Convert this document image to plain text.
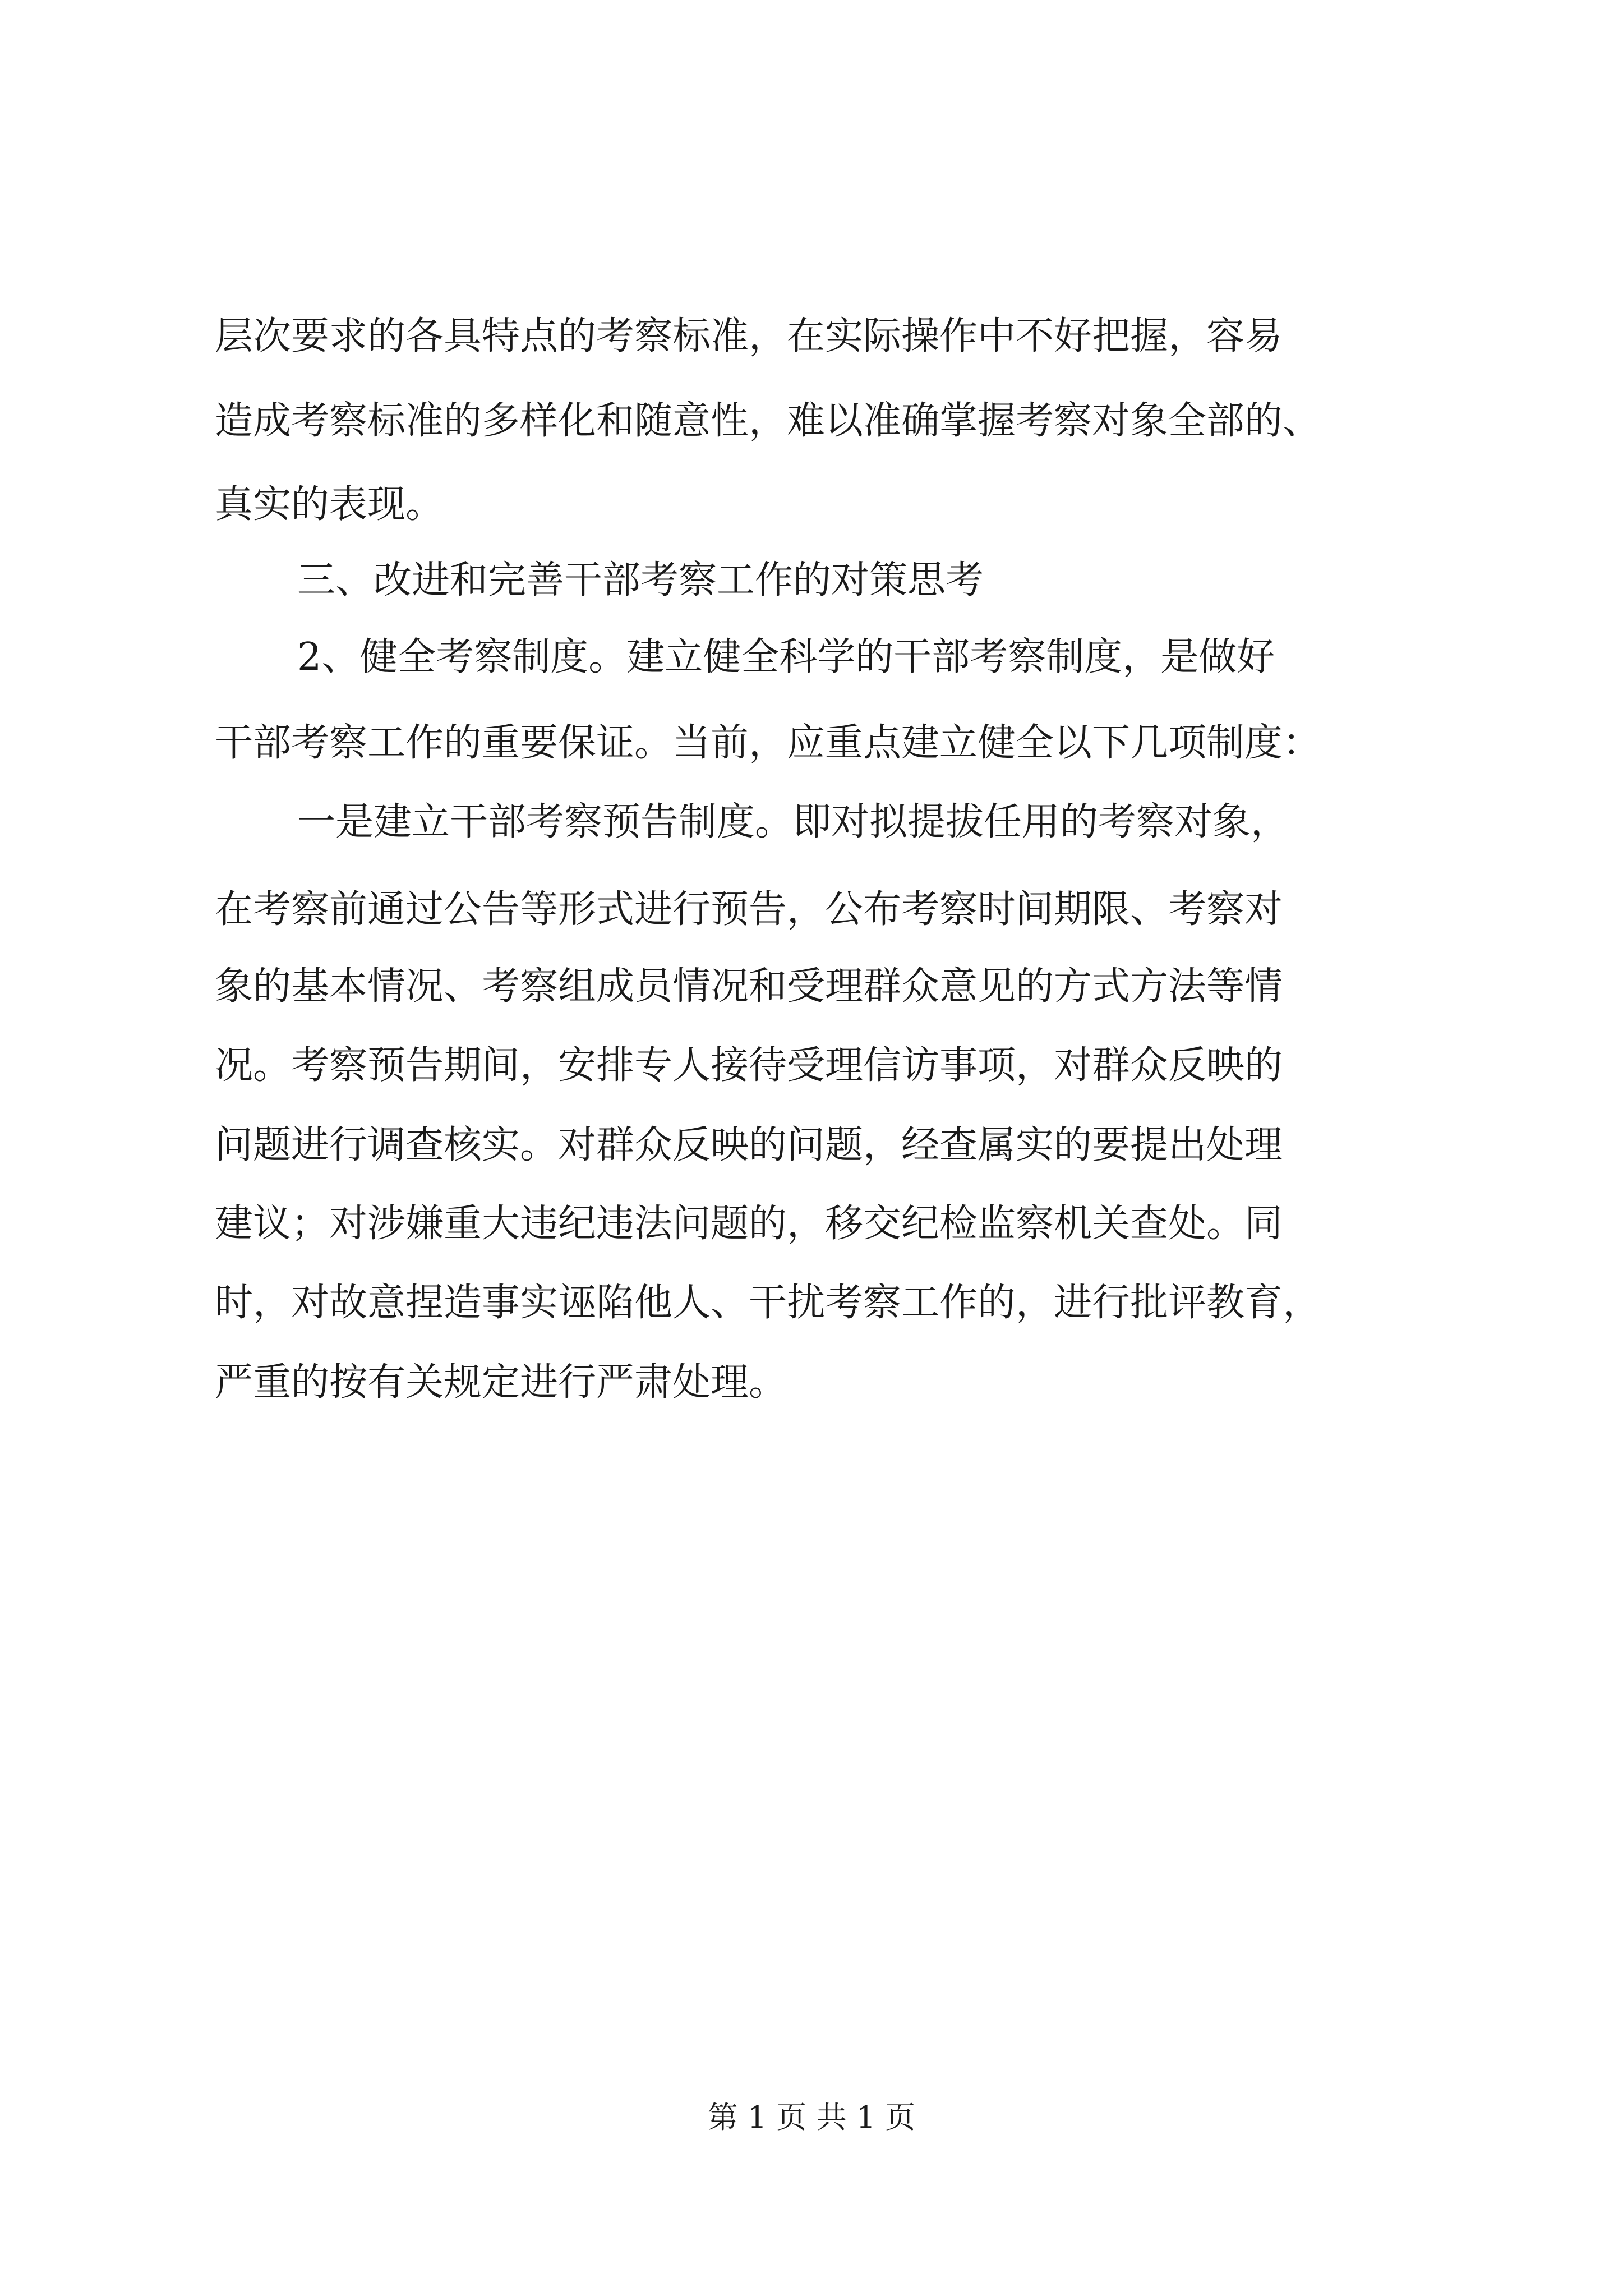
层次要求的各具特点的考察标准，在实际操作中不好把握，容易

造成考察标准的多样化和随意性，难以准确掌握考察对象全部的、

真实的表现。

三、改进和完善干部考察工作的对策思考

2、健全考察制度。建立健全科学的干部考察制度，是做好

干部考察工作的重要保证。当前，应重点建立健全以下几项制度：

一是建立干部考察预告制度。即对拟提拔任用的考察对象，

在考察前通过公告等形式进行预告，公布考察时间期限、考察对

象的基本情况、考察组成员情况和受理群众意见的方式方法等情

况。考察预告期间，安排专人接待受理信访事项，对群众反映的

问题进行调查核实。对群众反映的问题，经查属实的要提出处理

建议；对涉嫌重大违纪违法问题的，移交纪检监察机关查处。同

时，对故意捏造事实诬陷他人、干扰考察工作的，进行批评教育，

严重的按有关规定进行严肃处理。

第 1 页 共 1 页
